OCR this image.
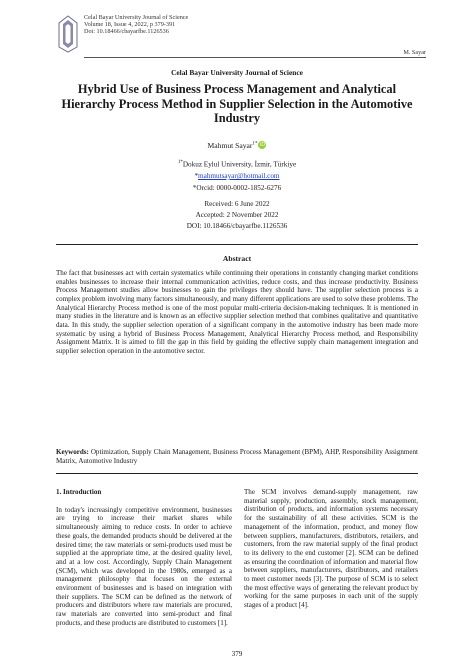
Celal Bayar University Journal of Science
Volume 18, Issue 4, 2022, p 379-391
Doi: 10.18466/cbayarfbe.1126536
M. Sayar
Celal Bayar University Journal of Science
Hybrid Use of Business Process Management and Analytical Hierarchy Process Method in Supplier Selection in the Automotive Industry
Mahmut Sayar$^{1*}$ iD
$^{1*}$Dokuz Eylul University, İzmir, Türkiye
*mahmutsayar@hotmail.com
*Orcid: 0000-0002-1852-6276
Received: 6 June 2022
Accepted: 2 November 2022
DOI: 10.18466/cbayarfbe.1126536
Abstract
The fact that businesses act with certain systematics while continuing their operations in constantly changing market conditions enables businesses to increase their internal communication activities, reduce costs, and thus increase productivity. Business Process Management studies allow businesses to gain the privileges they should have. The supplier selection process is a complex problem involving many factors simultaneously, and many different applications are used to solve these problems. The Analytical Hierarchy Process method is one of the most popular multi-criteria decision-making techniques. It is mentioned in many studies in the literature and is known as an effective supplier selection method that combines qualitative and quantitative data. In this study, the supplier selection operation of a significant company in the automotive industry has been made more systematic by using a hybrid of Business Process Management, Analytical Hierarchy Process method, and Responsibility Assignment Matrix. It is aimed to fill the gap in this field by guiding the effective supply chain management integration and supplier selection operation in the automotive sector.
Keywords: Optimization, Supply Chain Management, Business Process Management (BPM), AHP, Responsibility Assignment Matrix, Automotive Industry
1. Introduction

In today's increasingly competitive environment, businesses are trying to increase their market shares while simultaneously aiming to reduce costs. In order to achieve these goals, the demanded products should be delivered at the desired time; the raw materials or semi-products used must be supplied at the appropriate time, at the desired quality level, and at a low cost. Accordingly, Supply Chain Management (SCM), which was developed in the 1980s, emerged as a management philosophy that focuses on the external environment of businesses and is based on integration with their suppliers. The SCM can be defined as the network of producers and distributors where raw materials are procured, raw materials are converted into semi-product and final products, and these products are distributed to customers [1].

The SCM involves demand-supply management, raw material supply, production, assembly, stock management, distribution of products, and information systems necessary for the sustainability of all these activities. SCM is the management of the information, product, and money flow between suppliers, manufacturers, distributors, retailers, and customers, from the raw material supply of the final product to its delivery to the end customer [2]. SCM can be defined as ensuring the coordination of information and material flow between suppliers, manufacturers, distributors, and retailers to meet customer needs [3]. The purpose of SCM is to select the most effective ways of generating the relevant product by working for the same purposes in each unit of the supply stages of a product [4].

379
